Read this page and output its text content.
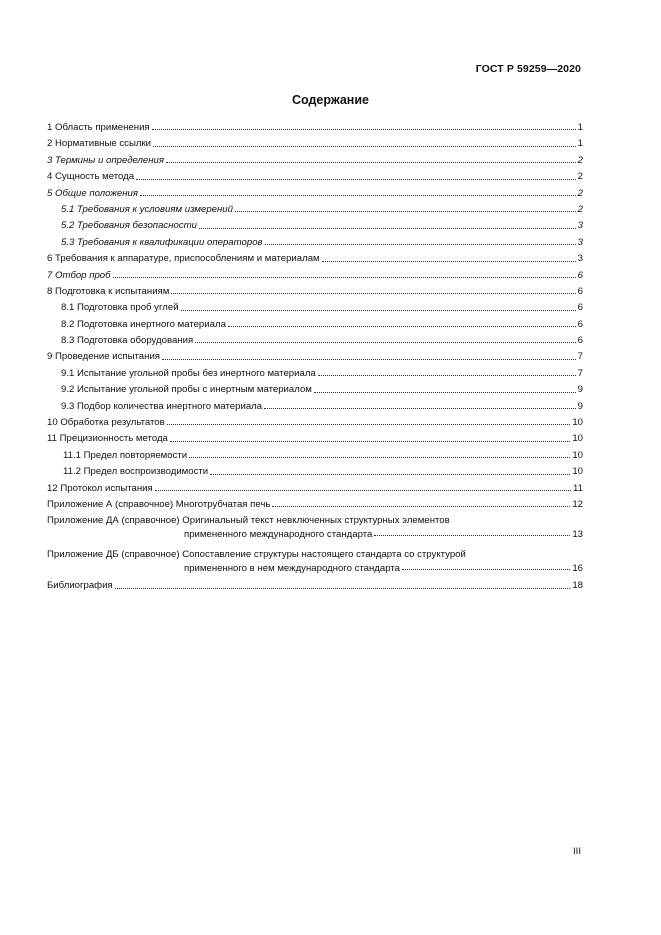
ГОСТ Р 59259—2020
Содержание
1 Область применения	1
2 Нормативные ссылки	1
3 Термины и определения	2
4 Сущность метода	2
5 Общие положения	2
5.1 Требования к условиям измерений	2
5.2 Требования безопасности	3
5.3 Требования к квалификации операторов	3
6 Требования к аппаратуре, приспособлениям и материалам	3
7 Отбор проб	6
8 Подготовка к испытаниям	6
8.1 Подготовка проб углей	6
8.2 Подготовка инертного материала	6
8.3 Подготовка оборудования	6
9 Проведение испытания	7
9.1 Испытание угольной пробы без инертного материала	7
9.2 Испытание угольной пробы с инертным материалом	9
9.3 Подбор количества инертного материала	9
10 Обработка результатов	10
11 Прецизионность метода	10
11.1 Предел повторяемости	10
11.2 Предел воспроизводимости	10
12 Протокол испытания	11
Приложение А (справочное) Многотрубчатая печь	12
Приложение ДА (справочное) Оригинальный текст невключенных структурных элементов
примененного международного стандарта	13
Приложение ДБ (справочное) Сопоставление структуры настоящего стандарта со структурой
примененного в нем международного стандарта	16
Библиография	18
III
